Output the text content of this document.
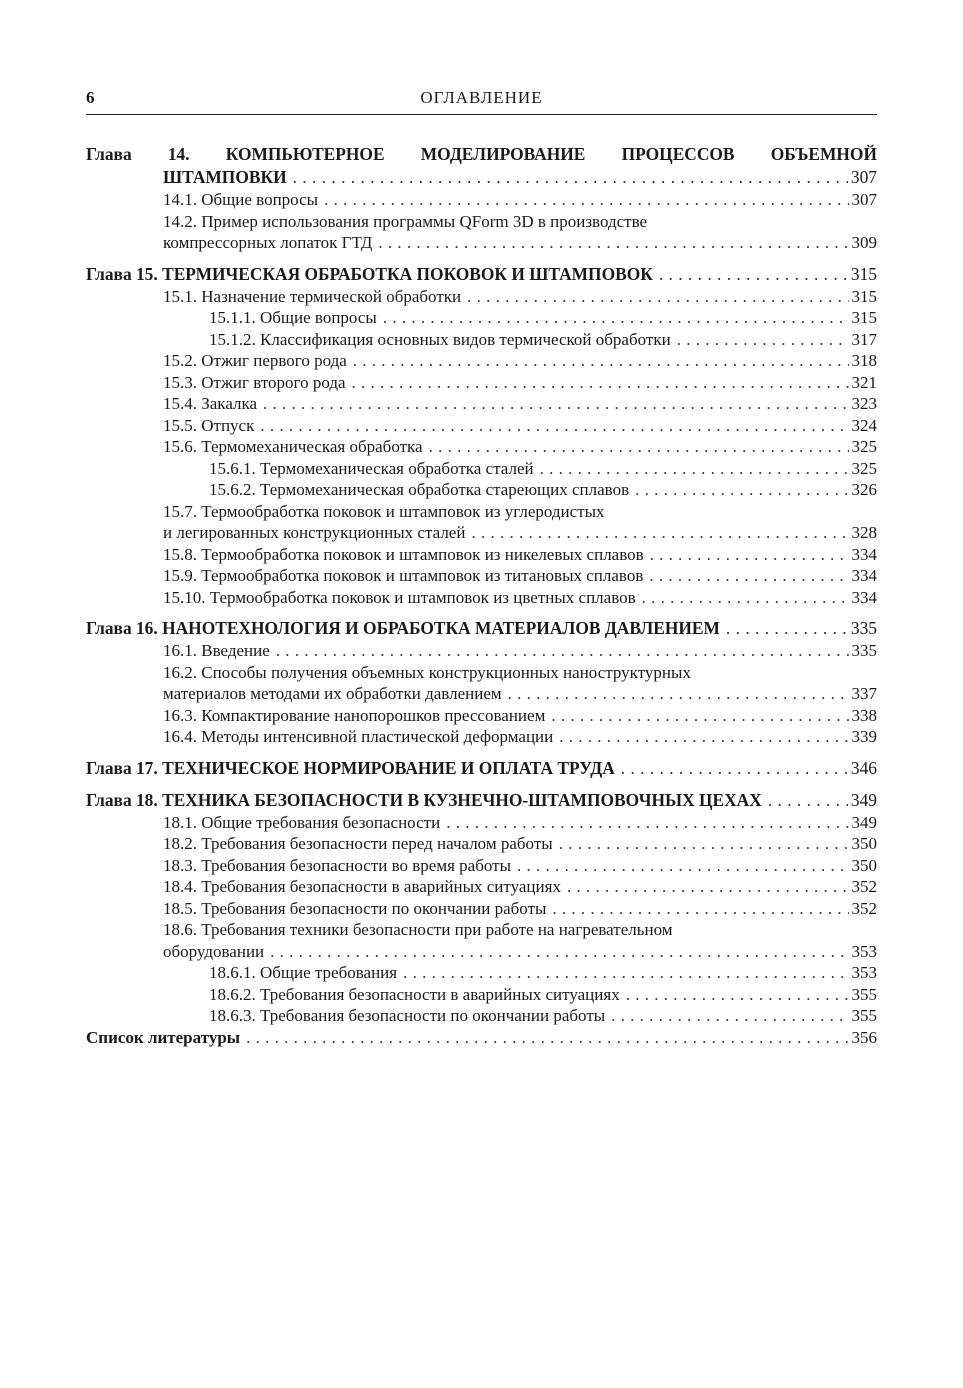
6	ОГЛАВЛЕНИЕ
Глава 14. КОМПЬЮТЕРНОЕ МОДЕЛИРОВАНИЕ ПРОЦЕССОВ ОБЪЕМНОЙ
ШТАМПОВКИ . . .	307
14.1. Общие вопросы . . .	307
14.2. Пример использования программы QForm 3D в производстве
компрессорных лопаток ГТД . . .	309
Глава 15.
ТЕРМИЧЕСКАЯ ОБРАБОТКА ПОКОВОК И ШТАМПОВОК . . .	315
15.1. Назначение термической обработки . . .	315
15.1.1. Общие вопросы . . .	315
15.1.2. Классификация основных видов термической обработки . . .	317
15.2. Отжиг первого рода . . .	318
15.3. Отжиг второго рода . . .	321
15.4. Закалка . . .	323
15.5. Отпуск . . .	324
15.6. Термомеханическая обработка . . .	325
15.6.1. Термомеханическая обработка сталей . . .	325
15.6.2. Термомеханическая обработка стареющих сплавов . . .	326
15.7. Термообработка поковок и штамповок из углеродистых
и легированных конструкционных сталей . . .	328
15.8. Термообработка поковок и штамповок из никелевых сплавов . . .	334
15.9. Термообработка поковок и штамповок из титановых сплавов . . .	334
15.10. Термообработка поковок и штамповок из цветных сплавов . . .	334
Глава 16.
НАНОТЕХНОЛОГИЯ И ОБРАБОТКА МАТЕРИАЛОВ ДАВЛЕНИЕМ . . .	335
16.1. Введение . . .	335
16.2. Способы получения объемных конструкционных наноструктурных
материалов методами их обработки давлением . . .	337
16.3. Компактирование нанопорошков прессованием . . .	338
16.4. Методы интенсивной пластической деформации . . .	339
Глава 17.
ТЕХНИЧЕСКОЕ НОРМИРОВАНИЕ И ОПЛАТА ТРУДА . . .	346
Глава 18.
ТЕХНИКА БЕЗОПАСНОСТИ В КУЗНЕЧНО-ШТАМПОВОЧНЫХ ЦЕХАХ . . .	349
18.1. Общие требования безопасности . . .	349
18.2. Требования безопасности перед началом работы . . .	350
18.3. Требования безопасности во время работы . . .	350
18.4. Требования безопасности в аварийных ситуациях . . .	352
18.5. Требования безопасности по окончании работы . . .	352
18.6. Требования техники безопасности при работе на нагревательном
оборудовании . . .	353
18.6.1. Общие требования . . .	353
18.6.2. Требования безопасности в аварийных ситуациях . . .	355
18.6.3. Требования безопасности по окончании работы . . .	355
Список литературы . . .	356
